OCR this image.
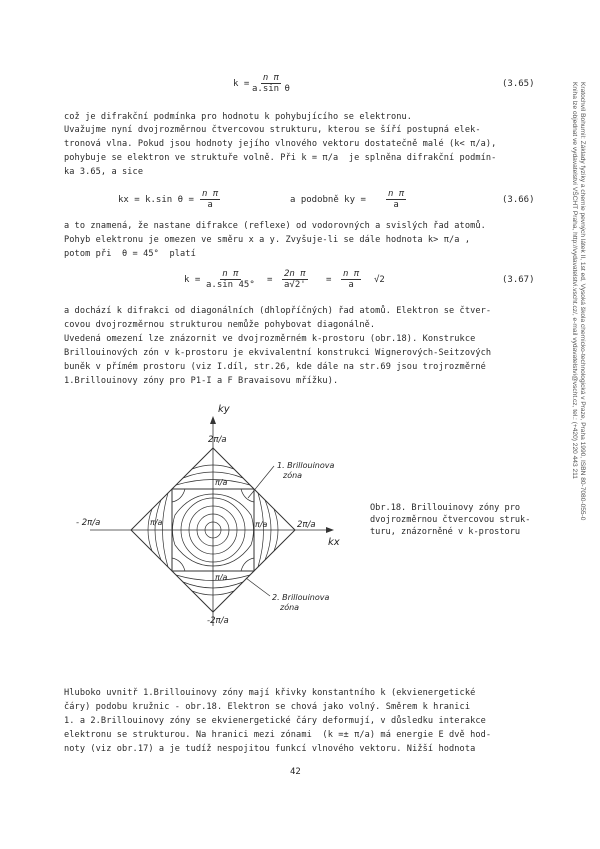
Kratochvíl Bohumil: Základy fyziky a chemie pevných látek II, 1st ed, Vysoká škola chemicko-technologická v Praze, Praha 1990, ISBN 80-7080-055-0
Kniha lze objednat ve vydavatelství VŠCHT Praha, http://vydavatelstvi.vscht.cz/, e-mail vydavatelstvi@vscht.cz, tel.: (+420) 220 443 211
$k = \frac{\text{n π}}{\text{a.sin θ}}$	(3.65)
což je difrakční podmínka pro hodnotu k pohybujícího se elektronu.
Uvažujme nyní dvojrozměrnou čtvercovou strukturu, kterou se šíří postupná elek-
tronová vlna. Pokud jsou hodnoty jejího vlnového vektoru dostatečně malé (k< π/a),
pohybuje se elektron ve struktuře volně. Při k = π/a  je splněna difrakční podmín-
ka 3.65, a sice
kx = k.sin $\theta = \frac{\text{n π}}{a}$	a podobně ky = $\frac{\text{n π}}{a}$	(3.66)
a to znamená, že nastane difrakce (reflexe) od vodorovných a svislých řad atomů.
Pohyb elektronu je omezen ve směru x a y. Zvyšuje-li se dále hodnota k> π/a ,
potom při  θ = 45°  platí
$k = \frac{\text{n π}}{a.\sin 45^\circ} = \frac{\text{2n π}}{a√2'} = \frac{\text{n π}}{a} √2$	(3.67)
a dochází k difrakci od diagonálních (dhlopříčných) řad atomů. Elektron se čtver-
covou dvojrozměrnou strukturou nemůže pohybovat diagonálně.
Uvedená omezení lze znázornit ve dvojrozměrném k-prostoru (obr.18). Konstrukce
Brillouinových zón v k-prostoru je ekvivalentní konstrukci Wignerových-Seitzových
buněk v přímém prostoru (viz I.díl, str.26, kde dále na str.69 jsou trojrozměrné
1.Brillouinovy zóny pro P1-I a F Bravaisovu mřížku).
ky
kx
2π/a
π/a
π/a	2π/a
- 2π/a	π/a
π/a
-2π/a
1. Brillouinova
zóna
2. Brillouinova
zóna
Obr.18. Brillouinovy zóny pro
dvojrozměrnou čtvercovou struk-
turu, znázorněné v k-prostoru
Hluboko uvnitř 1.Brillouinovy zóny mají křivky konstantního k (ekvienergetické
čáry) podobu kružnic - obr.18. Elektron se chová jako volný. Směrem k hranici
1. a 2.Brillouinovy zóny se ekvienergetické čáry deformují, v důsledku interakce
elektronu se strukturou. Na hranici mezi zónami  (k =± π/a) má energie E dvě hod-
noty (viz obr.17) a je tudíž nespojitou funkcí vlnového vektoru. Nižší hodnota
42
